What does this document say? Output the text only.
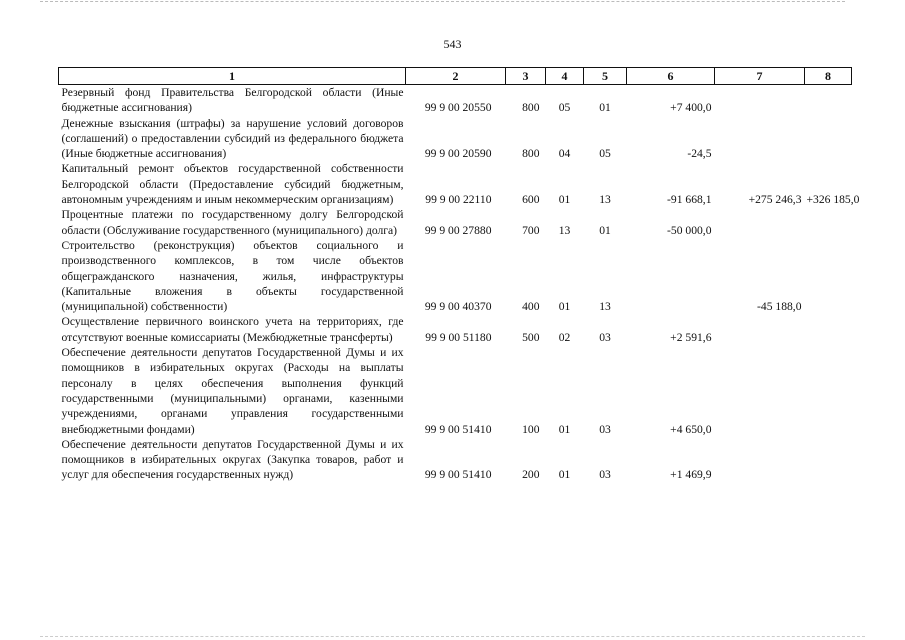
543
1	2	3	4	5	6	7	8
Резервный фонд Правительства Белгородской области (Иные бюджетные ассигнования)	99 9 00 20550	800	05	01	+7 400,0		
Денежные взыскания (штрафы) за нарушение условий договоров (соглашений) о предоставлении субсидий из федерального бюджета (Иные бюджетные ассигнования)	99 9 00 20590	800	04	05	-24,5		
Капитальный ремонт объектов государственной собственности Белгородской области (Предоставление субсидий бюджетным, автономным учреждениям и иным некоммерческим организациям)	99 9 00 22110	600	01	13	-91 668,1	+275 246,3	+326 185,0
Процентные платежи по государственному долгу Белгородской области (Обслуживание государственного (муниципального) долга)	99 9 00 27880	700	13	01	-50 000,0		
Строительство (реконструкция) объектов социального и производственного комплексов, в том числе объектов общегражданского назначения, жилья, инфраструктуры (Капитальные вложения в объекты государственной (муниципальной) собственности)	99 9 00 40370	400	01	13		-45 188,0	
Осуществление первичного воинского учета на территориях, где отсутствуют военные комиссариаты (Межбюджетные трансферты)	99 9 00 51180	500	02	03	+2 591,6		
Обеспечение деятельности депутатов Государственной Думы и их помощников в избирательных округах (Расходы на выплаты персоналу в целях обеспечения выполнения функций государственными (муниципальными) органами, казенными учреждениями, органами управления государственными внебюджетными фондами)	99 9 00 51410	100	01	03	+4 650,0		
Обеспечение деятельности депутатов Государственной Думы и их помощников в избирательных округах (Закупка товаров, работ и услуг для обеспечения государственных нужд)	99 9 00 51410	200	01	03	+1 469,9		
